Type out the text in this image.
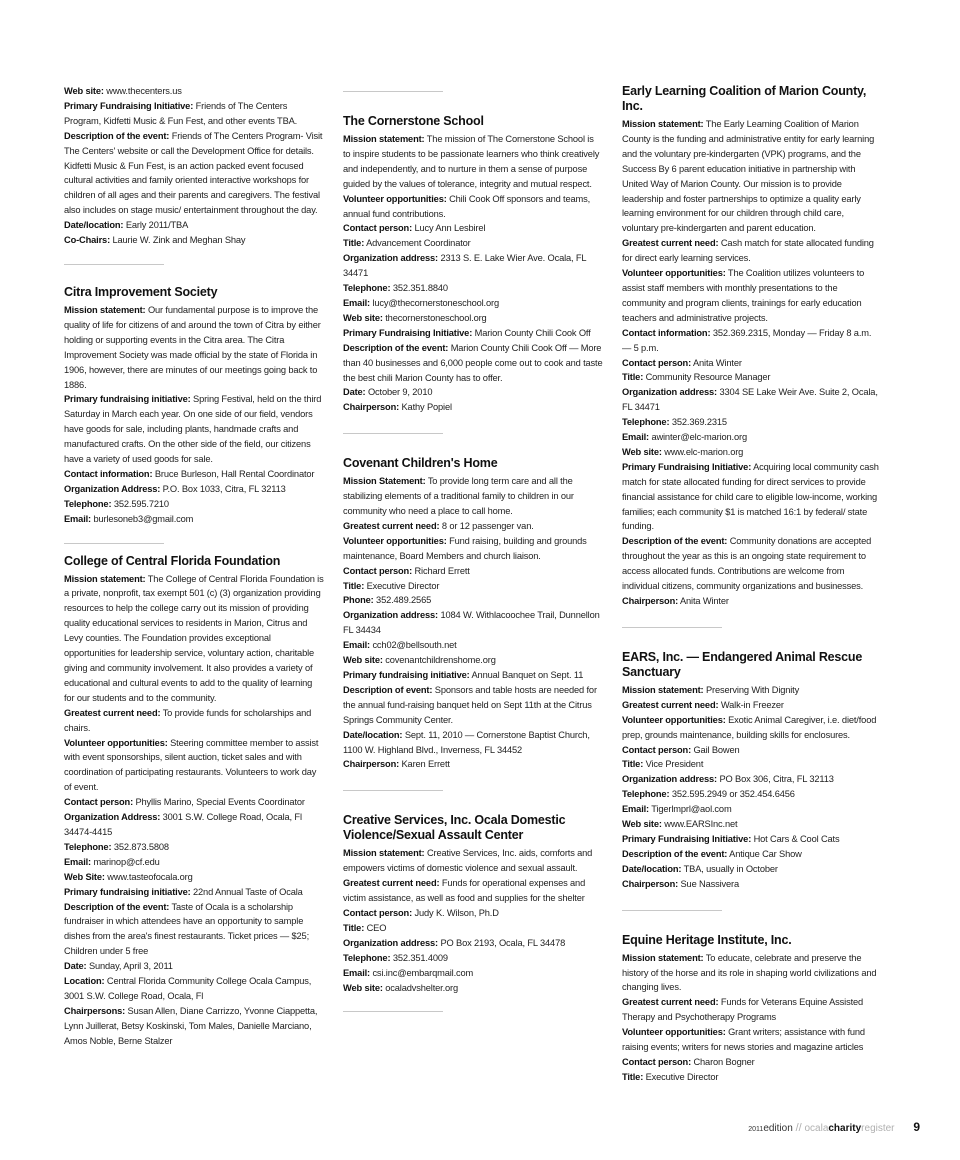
Web site: www.thecenters.us

Primary Fundraising Initiative: Friends of The Centers Program, Kidfetti Music & Fun Fest, and other events TBA.

Description of the event: Friends of The Centers Program- Visit The Centers' website or call the Development Office for details. Kidfetti Music & Fun Fest, is an action packed event focused cultural activities and family oriented interactive workshops for children of all ages and their parents and caregivers. The festival also includes on stage music/ entertainment throughout the day.

Date/location: Early 2011/TBA

Co-Chairs: Laurie W. Zink and Meghan Shay

Citra Improvement Society

Mission statement: Our fundamental purpose is to improve the quality of life for citizens of and around the town of Citra by either holding or supporting events in the Citra area. The Citra Improvement Society was made official by the state of Florida in 1906, however, there are minutes of our meetings going back to 1886.

Primary fundraising initiative: Spring Festival, held on the third Saturday in March each year. On one side of our field, vendors have goods for sale, including plants, handmade crafts and manufactured crafts. On the other side of the field, our citizens have a variety of used goods for sale.

Contact information: Bruce Burleson, Hall Rental Coordinator

Organization Address: P.O. Box 1033, Citra, FL 32113

Telephone: 352.595.7210

Email: burlesoneb3@gmail.com

College of Central Florida Foundation

Mission statement: The College of Central Florida Foundation is a private, nonprofit, tax exempt 501 (c) (3) organization providing resources to help the college carry out its mission of providing quality educational services to residents in Marion, Citrus and Levy counties. The Foundation provides exceptional opportunities for leadership service, voluntary action, charitable giving and community involvement. It also provides a variety of educational and cultural events to add to the quality of learning for our students and to the community.

Greatest current need: To provide funds for scholarships and chairs.

Volunteer opportunities: Steering committee member to assist with event sponsorships, silent auction, ticket sales and with coordination of participating restaurants. Volunteers to work day of event.

Contact person: Phyllis Marino, Special Events Coordinator

Organization Address: 3001 S.W. College Road, Ocala, Fl 34474-4415

Telephone: 352.873.5808

Email: marinop@cf.edu

Web Site: www.tasteofocala.org

Primary fundraising initiative: 22nd Annual Taste of Ocala

Description of the event: Taste of Ocala is a scholarship fundraiser in which attendees have an opportunity to sample dishes from the area's finest restaurants. Ticket prices — $25; Children under 5 free

Date: Sunday, April 3, 2011

Location: Central Florida Community College Ocala Campus, 3001 S.W. College Road, Ocala, Fl

Chairpersons: Susan Allen, Diane Carrizzo, Yvonne Ciappetta, Lynn Juillerat, Betsy Koskinski, Tom Males, Danielle Marciano, Amos Noble, Berne Stalzer

The Cornerstone School

Mission statement: The mission of The Cornerstone School is to inspire students to be passionate learners who think creatively and independently, and to nurture in them a sense of purpose guided by the values of tolerance, integrity and mutual respect.

Volunteer opportunities: Chili Cook Off sponsors and teams, annual fund contributions.

Contact person: Lucy Ann Lesbirel

Title: Advancement Coordinator

Organization address: 2313 S. E. Lake Wier Ave. Ocala, FL 34471

Telephone: 352.351.8840

Email: lucy@thecornerstoneschool.org

Web site: thecornerstoneschool.org

Primary Fundraising Initiative: Marion County Chili Cook Off

Description of the event: Marion County Chili Cook Off — More than 40 businesses and 6,000 people come out to cook and taste the best chili Marion County has to offer.

Date: October 9, 2010

Chairperson: Kathy Popiel

Covenant Children's Home

Mission Statement: To provide long term care and all the stabilizing elements of a traditional family to children in our community who need a place to call home.

Greatest current need: 8 or 12 passenger van.

Volunteer opportunities: Fund raising, building and grounds maintenance, Board Members and church liaison.

Contact person: Richard Errett

Title: Executive Director

Phone: 352.489.2565

Organization address: 1084 W. Withlacoochee Trail, Dunnellon FL 34434

Email: cch02@bellsouth.net

Web site: covenantchildrenshome.org

Primary fundraising initiative: Annual Banquet on Sept. 11

Description of event: Sponsors and table hosts are needed for the annual fund-raising banquet held on Sept 11th at the Citrus Springs Community Center.

Date/location: Sept. 11, 2010 — Cornerstone Baptist Church, 1100 W. Highland Blvd., Inverness, FL 34452

Chairperson: Karen Errett

Creative Services, Inc. Ocala Domestic Violence/Sexual Assault Center

Mission statement: Creative Services, Inc. aids, comforts and empowers victims of domestic violence and sexual assault.

Greatest current need: Funds for operational expenses and victim assistance, as well as food and supplies for the shelter

Contact person: Judy K. Wilson, Ph.D

Title: CEO

Organization address: PO Box 2193, Ocala, FL 34478

Telephone: 352.351.4009

Email: csi.inc@embarqmail.com

Web site: ocaladvshelter.org

Early Learning Coalition of Marion County, Inc.

Mission statement: The Early Learning Coalition of Marion County is the funding and administrative entity for early learning and the voluntary pre-kindergarten (VPK) programs, and the Success By 6 parent education initiative in partnership with United Way of Marion County. Our mission is to provide leadership and foster partnerships to optimize a quality early learning environment for our children through child care, voluntary pre-kindergarten and parent education.

Greatest current need: Cash match for state allocated funding for direct early learning services.

Volunteer opportunities: The Coalition utilizes volunteers to assist staff members with monthly presentations to the community and program clients, trainings for early education teachers and administrative projects.

Contact information: 352.369.2315, Monday — Friday 8 a.m. — 5 p.m.

Contact person: Anita Winter

Title: Community Resource Manager

Organization address: 3304 SE Lake Weir Ave. Suite 2, Ocala, FL 34471

Telephone: 352.369.2315

Email: awinter@elc-marion.org

Web site: www.elc-marion.org

Primary Fundraising Initiative: Acquiring local community cash match for state allocated funding for direct services to provide financial assistance for child care to eligible low-income, working families; each community $1 is matched 16:1 by federal/ state funding.

Description of the event: Community donations are accepted throughout the year as this is an ongoing state requirement to access allocated funds. Contributions are welcome from individual citizens, community organizations and businesses.

Chairperson: Anita Winter

EARS, Inc. — Endangered Animal Rescue Sanctuary

Mission statement: Preserving With Dignity

Greatest current need: Walk-in Freezer

Volunteer opportunities: Exotic Animal Caregiver, i.e. diet/food prep, grounds maintenance, building skills for enclosures.

Contact person: Gail Bowen

Title: Vice President

Organization address: PO Box 306, Citra, FL 32113

Telephone: 352.595.2949 or 352.454.6456

Email: Tigerlmprl@aol.com

Web site: www.EARSInc.net

Primary Fundraising Initiative: Hot Cars & Cool Cats

Description of the event: Antique Car Show

Date/location: TBA, usually in October

Chairperson: Sue Nassivera

Equine Heritage Institute, Inc.

Mission statement: To educate, celebrate and preserve the history of the horse and its role in shaping world civilizations and changing lives.

Greatest current need: Funds for Veterans Equine Assisted Therapy and Psychotherapy Programs

Volunteer opportunities: Grant writers; assistance with fund raising events; writers for news stories and magazine articles

Contact person: Charon Bogner

Title: Executive Director

2011edition // ocalacharityregister 9
